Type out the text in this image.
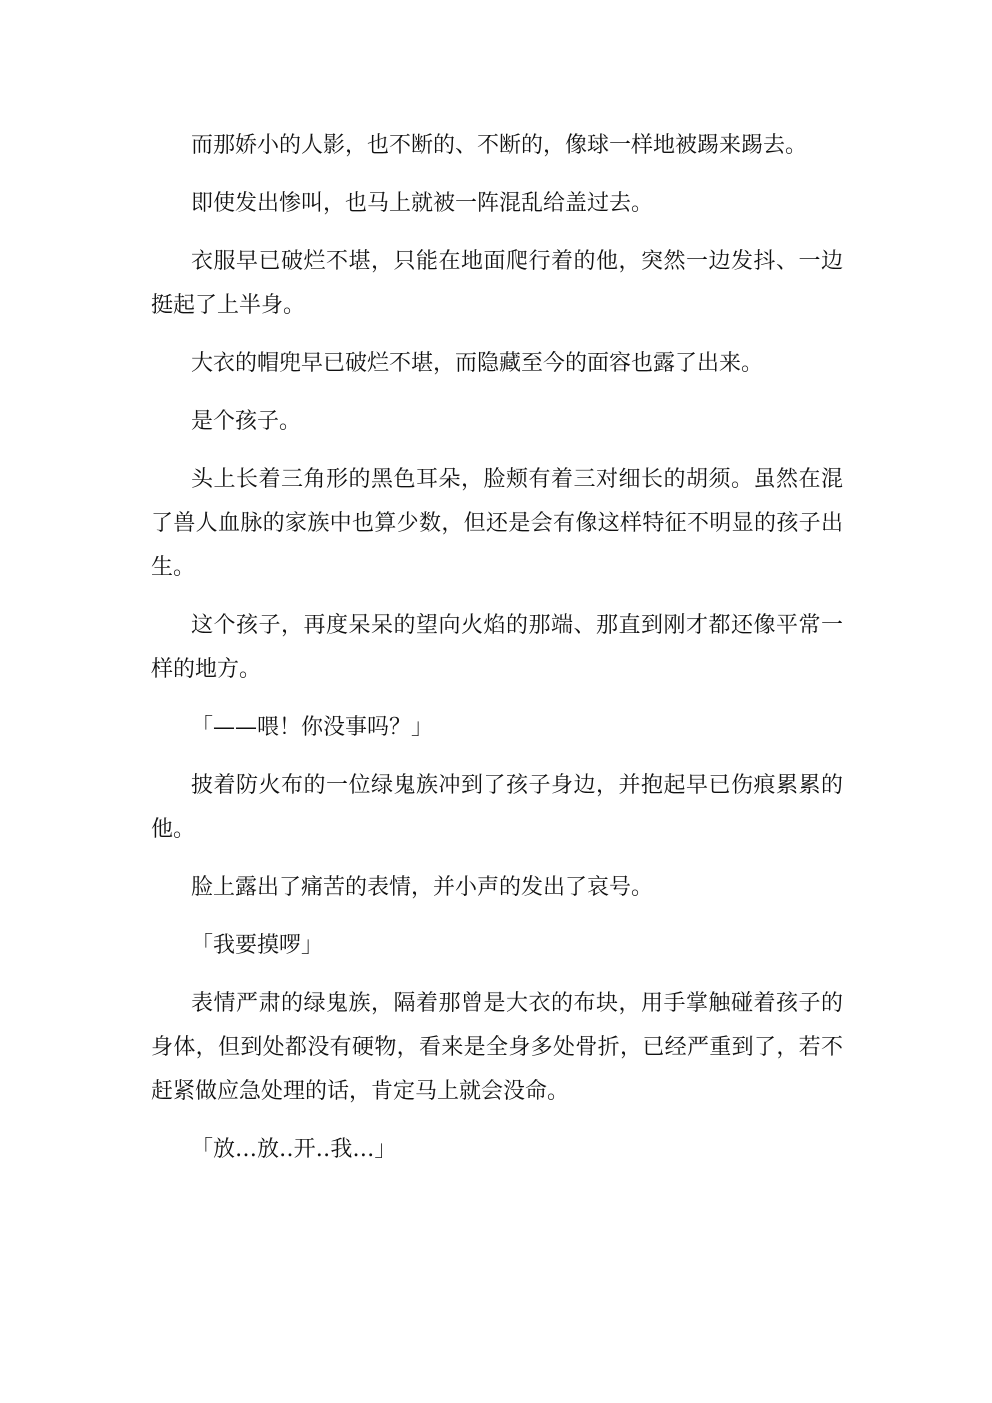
而那娇小的人影，也不断的、不断的，像球一样地被踢来踢去。

即使发出惨叫，也马上就被一阵混乱给盖过去。

衣服早已破烂不堪，只能在地面爬行着的他，突然一边发抖、一边挺起了上半身。

大衣的帽兜早已破烂不堪，而隐藏至今的面容也露了出来。

是个孩子。

头上长着三角形的黑色耳朵，脸颊有着三对细长的胡须。虽然在混了兽人血脉的家族中也算少数，但还是会有像这样特征不明显的孩子出生。

这个孩子，再度呆呆的望向火焰的那端、那直到刚才都还像平常一样的地方。

「——喂！你没事吗？」

披着防火布的一位绿鬼族冲到了孩子身边，并抱起早已伤痕累累的他。

脸上露出了痛苦的表情，并小声的发出了哀号。

「我要摸啰」

表情严肃的绿鬼族，隔着那曾是大衣的布块，用手掌触碰着孩子的身体，但到处都没有硬物，看来是全身多处骨折，已经严重到了，若不赶紧做应急处理的话，肯定马上就会没命。

「放…放‥开‥我…」
